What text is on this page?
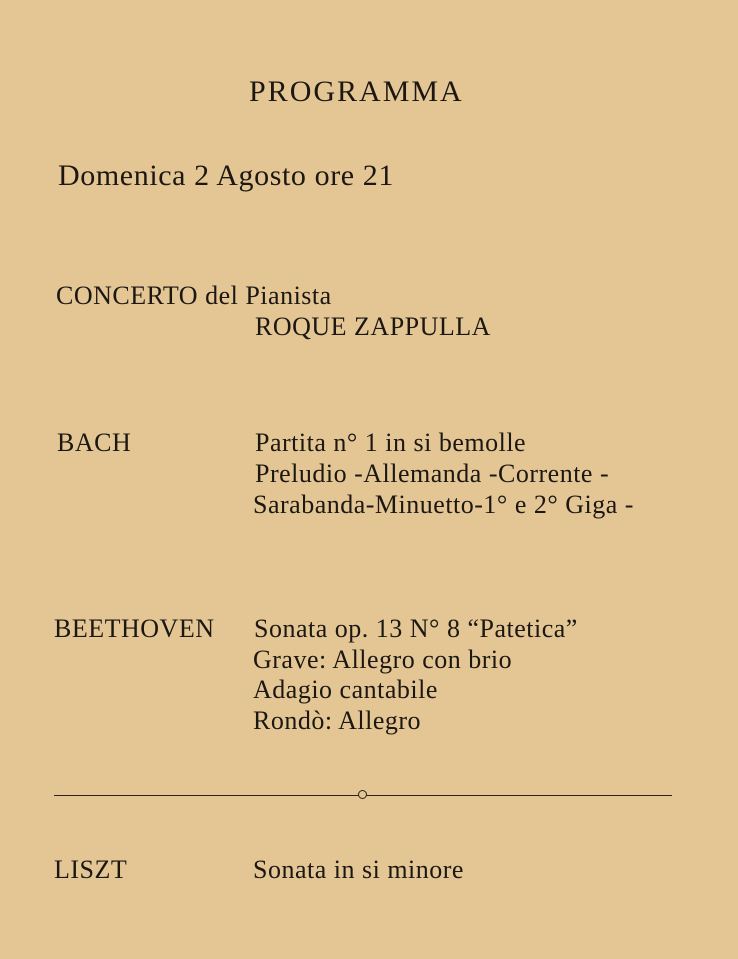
PROGRAMMA
Domenica 2 Agosto ore 21
CONCERTO del Pianista
ROQUE ZAPPULLA
BACH	Partita n° 1 in si bemolle
Preludio -Allemanda -Corrente -
Sarabanda-Minuetto-1° e 2° Giga -
BEETHOVEN Sonata op. 13 N° 8 “Patetica”
Grave: Allegro con brio
Adagio cantabile
Rondò: Allegro
LISZT	Sonata in si minore
